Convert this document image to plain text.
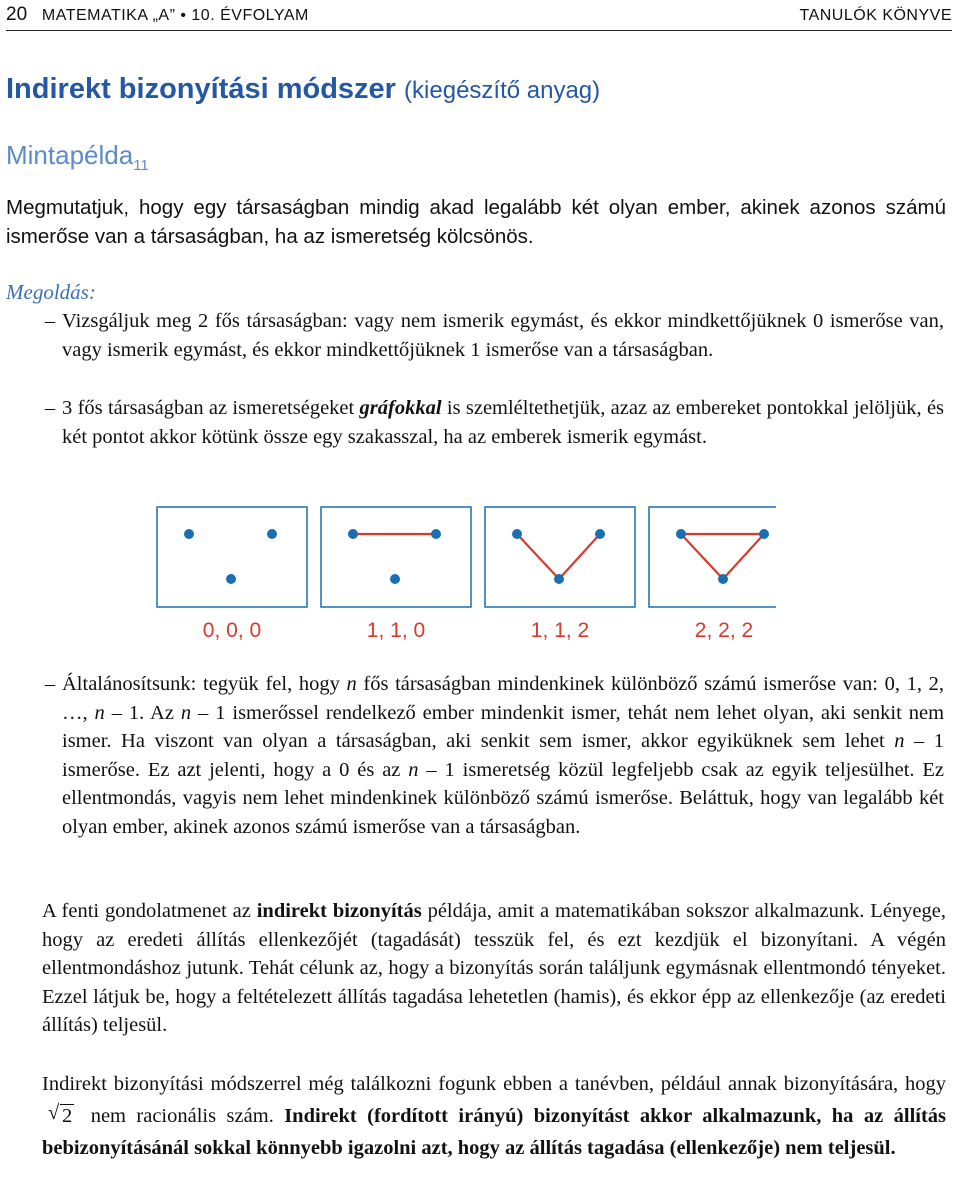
20 MATEMATIKA „A” • 10. ÉVFOLYAM	TANULÓK KÖNYVE
Indirekt bizonyítási módszer (kiegészítő anyag)
Mintapélda$_{11}$
Megmutatjuk, hogy egy társaságban mindig akad legalább két olyan ember, akinek azonos számú ismerőse van a társaságban, ha az ismeretség kölcsönös.
Megoldás:
– Vizsgáljuk meg 2 fős társaságban: vagy nem ismerik egymást, és ekkor mindkettőjüknek 0 ismerőse van, vagy ismerik egymást, és ekkor mindkettőjüknek 1 ismerőse van a társaságban.
– 3 fős társaságban az ismeretségeket gráfokkal is szemléltethetjük, azaz az embereket pontokkal jelöljük, és két pontot akkor kötünk össze egy szakasszal, ha az emberek ismerik egymást.
0, 0, 0	1, 1, 0	1, 1, 2	2, 2, 2
– Általánosítsunk: tegyük fel, hogy n fős társaságban mindenkinek különböző számú ismerőse van: 0, 1, 2, …, n – 1. Az n – 1 ismerőssel rendelkező ember mindenkit ismer, tehát nem lehet olyan, aki senkit nem ismer. Ha viszont van olyan a társaságban, aki senkit sem ismer, akkor egyiküknek sem lehet n – 1 ismerőse. Ez azt jelenti, hogy a 0 és az n – 1 ismeretség közül legfeljebb csak az egyik teljesülhet. Ez ellentmondás, vagyis nem lehet mindenkinek különböző számú ismerőse. Beláttuk, hogy van legalább két olyan ember, akinek azonos számú ismerőse van a társaságban.
A fenti gondolatmenet az indirekt bizonyítás példája, amit a matematikában sokszor alkalmazunk. Lényege, hogy az eredeti állítás ellenkezőjét (tagadását) tesszük fel, és ezt kezdjük el bizonyítani. A végén ellentmondáshoz jutunk. Tehát célunk az, hogy a bizonyítás során találjunk egymásnak ellentmondó tényeket. Ezzel látjuk be, hogy a feltételezett állítás tagadása lehetetlen (hamis), és ekkor épp az ellenkezője (az eredeti állítás) teljesül.
Indirekt bizonyítási módszerrel még találkozni fogunk ebben a tanévben, például annak bizonyítására, hogy
√ 2 nem racionális szám. Indirekt (fordított irányú) bizonyítást akkor alkalmazunk, ha az állítás bebizonyításánál sokkal könnyebb igazolni azt, hogy az állítás tagadása (ellenkezője) nem teljesül.
